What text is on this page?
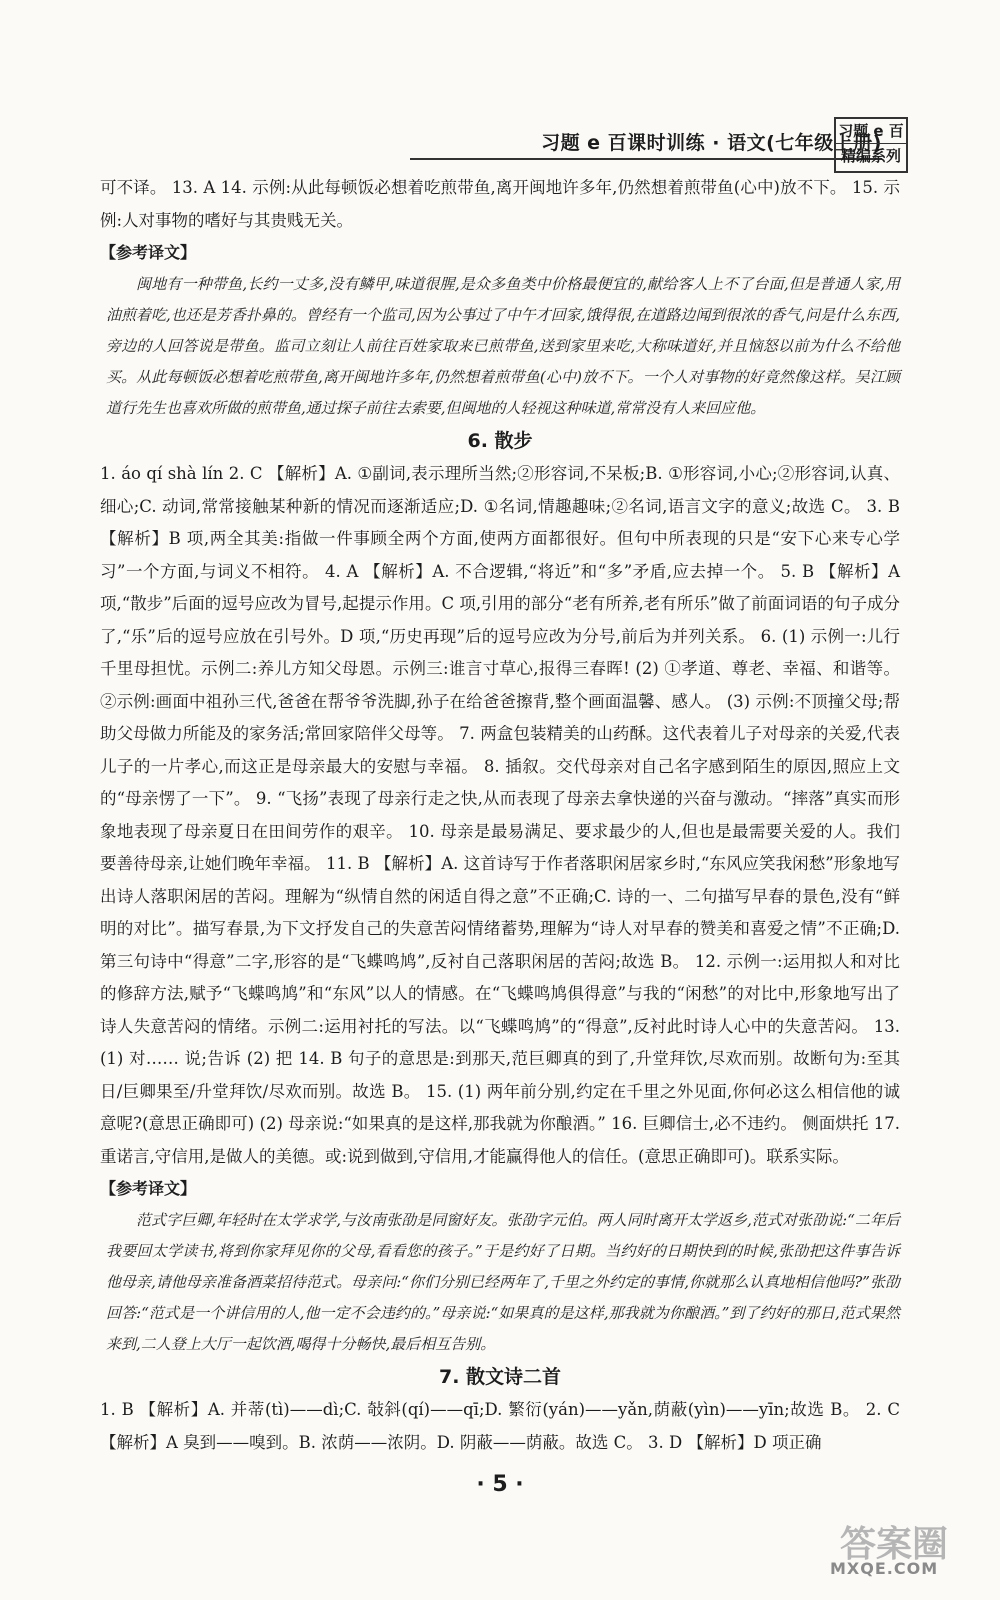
习题 e 百课时训练 · 语文(七年级上册)
习题 e 百
精编系列

可不译。 13. A 14. 示例:从此每顿饭必想着吃煎带鱼,离开闽地许多年,仍然想着煎带鱼(心中)放不下。 15. 示例:人对事物的嗜好与其贵贱无关。

【参考译文】

闽地有一种带鱼,长约一丈多,没有鳞甲,味道很腥,是众多鱼类中价格最便宜的,献给客人上不了台面,但是普通人家,用油煎着吃,也还是芳香扑鼻的。曾经有一个监司,因为公事过了中午才回家,饿得很,在道路边闻到很浓的香气,问是什么东西,旁边的人回答说是带鱼。监司立刻让人前往百姓家取来已煎带鱼,送到家里来吃,大称味道好,并且恼怒以前为什么不给他买。从此每顿饭必想着吃煎带鱼,离开闽地许多年,仍然想着煎带鱼(心中)放不下。一个人对事物的好竟然像这样。吴江顾道行先生也喜欢所做的煎带鱼,通过探子前往去索要,但闽地的人轻视这种味道,常常没有人来回应他。

6. 散步

1. áo qí shà lín 2. C 【解析】A. ①副词,表示理所当然;②形容词,不呆板;B. ①形容词,小心;②形容词,认真、细心;C. 动词,常常接触某种新的情况而逐渐适应;D. ①名词,情趣趣味;②名词,语言文字的意义;故选 C。 3. B 【解析】B 项,两全其美:指做一件事顾全两个方面,使两方面都很好。但句中所表现的只是“安下心来专心学习”一个方面,与词义不相符。 4. A 【解析】A. 不合逻辑,“将近”和“多”矛盾,应去掉一个。 5. B 【解析】A 项,“散步”后面的逗号应改为冒号,起提示作用。C 项,引用的部分“老有所养,老有所乐”做了前面词语的句子成分了,“乐”后的逗号应放在引号外。D 项,“历史再现”后的逗号应改为分号,前后为并列关系。 6. (1) 示例一:儿行千里母担忧。示例二:养儿方知父母恩。示例三:谁言寸草心,报得三春晖! (2) ①孝道、尊老、幸福、和谐等。 ②示例:画面中祖孙三代,爸爸在帮爷爷洗脚,孙子在给爸爸擦背,整个画面温馨、感人。 (3) 示例:不顶撞父母;帮助父母做力所能及的家务活;常回家陪伴父母等。 7. 两盒包装精美的山药酥。这代表着儿子对母亲的关爱,代表儿子的一片孝心,而这正是母亲最大的安慰与幸福。 8. 插叙。交代母亲对自己名字感到陌生的原因,照应上文的“母亲愣了一下”。 9. “飞扬”表现了母亲行走之快,从而表现了母亲去拿快递的兴奋与激动。“摔落”真实而形象地表现了母亲夏日在田间劳作的艰辛。 10. 母亲是最易满足、要求最少的人,但也是最需要关爱的人。我们要善待母亲,让她们晚年幸福。 11. B 【解析】A. 这首诗写于作者落职闲居家乡时,“东风应笑我闲愁”形象地写出诗人落职闲居的苦闷。理解为“纵情自然的闲适自得之意”不正确;C. 诗的一、二句描写早春的景色,没有“鲜明的对比”。描写春景,为下文抒发自己的失意苦闷情绪蓄势,理解为“诗人对早春的赞美和喜爱之情”不正确;D. 第三句诗中“得意”二字,形容的是“飞蝶鸣鸠”,反衬自己落职闲居的苦闷;故选 B。 12. 示例一:运用拟人和对比的修辞方法,赋予“飞蝶鸣鸠”和“东风”以人的情感。在“飞蝶鸣鸠俱得意”与我的“闲愁”的对比中,形象地写出了诗人失意苦闷的情绪。示例二:运用衬托的写法。以“飞蝶鸣鸠”的“得意”,反衬此时诗人心中的失意苦闷。 13. (1) 对…… 说;告诉 (2) 把 14. B 句子的意思是:到那天,范巨卿真的到了,升堂拜饮,尽欢而别。故断句为:至其日/巨卿果至/升堂拜饮/尽欢而别。故选 B。 15. (1) 两年前分别,约定在千里之外见面,你何必这么相信他的诚意呢?(意思正确即可) (2) 母亲说:“如果真的是这样,那我就为你酿酒。” 16. 巨卿信士,必不违约。 侧面烘托 17. 重诺言,守信用,是做人的美德。或:说到做到,守信用,才能赢得他人的信任。(意思正确即可)。联系实际。

【参考译文】

范式字巨卿,年轻时在太学求学,与汝南张劭是同窗好友。张劭字元伯。两人同时离开太学返乡,范式对张劭说:“二年后我要回太学读书,将到你家拜见你的父母,看看您的孩子。”于是约好了日期。当约好的日期快到的时候,张劭把这件事告诉他母亲,请他母亲准备酒菜招待范式。母亲问:“你们分别已经两年了,千里之外约定的事情,你就那么认真地相信他吗?”张劭回答:“范式是一个讲信用的人,他一定不会违约的。”母亲说:“如果真的是这样,那我就为你酿酒。”到了约好的那日,范式果然来到,二人登上大厅一起饮酒,喝得十分畅快,最后相互告别。

7. 散文诗二首

1. B 【解析】A. 并蒂(tì)——dì;C. 敧斜(qí)——qī;D. 繁衍(yán)——yǎn,荫蔽(yìn)——yīn;故选 B。 2. C 【解析】A 臭到——嗅到。B. 浓荫——浓阴。D. 阴蔽——荫蔽。故选 C。 3. D 【解析】D 项正确

· 5 ·
答案圈
MXQE.COM
